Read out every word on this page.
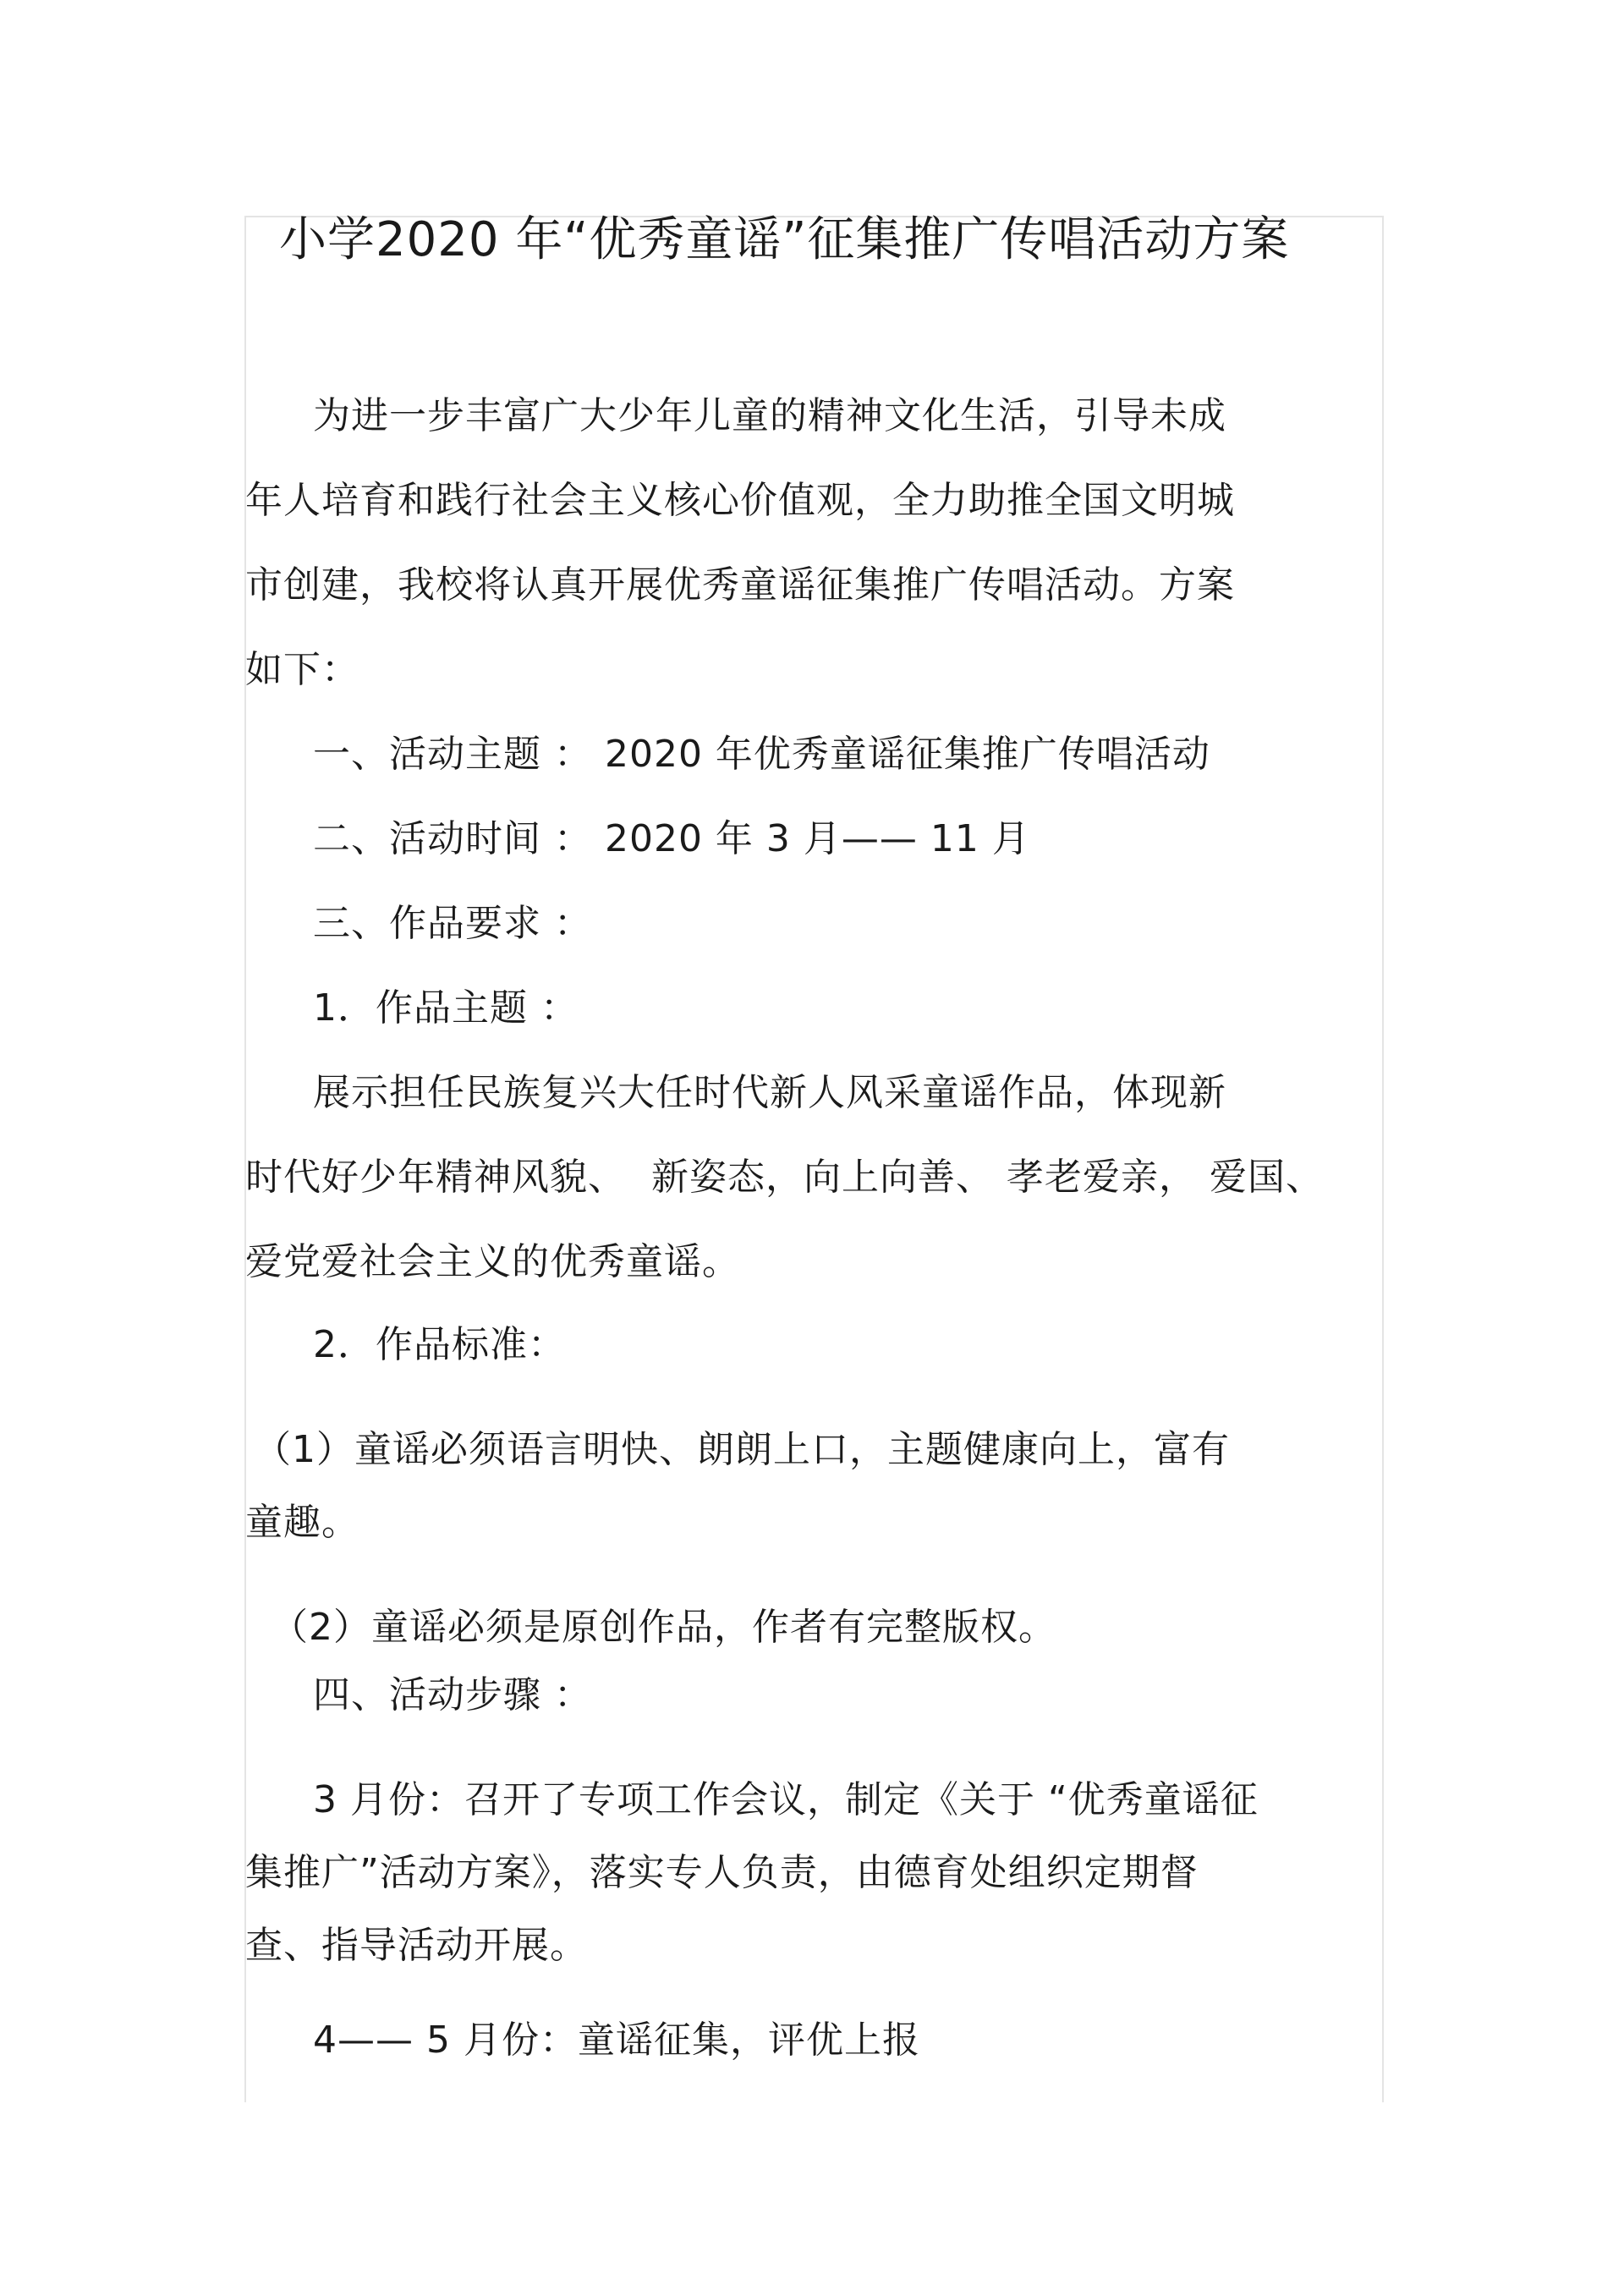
小学2020 年“优秀童谣”征集推广传唱活动方案
为进一步丰富广大少年儿童的精神文化生活，引导未成
年人培育和践行社会主义核心价值观，全力助推全国文明城
市创建，我校将认真开展优秀童谣征集推广传唱活动。方案
如下：
一、活动主题 ： 2020 年优秀童谣征集推广传唱活动
二、活动时间 ： 2020 年 3 月—— 11 月
三、作品要求 ：
1．作品主题 ：
展示担任民族复兴大任时代新人风采童谣作品，体现新
时代好少年精神风貌、  新姿态，向上向善、 孝老爱亲， 爱国、
爱党爱社会主义的优秀童谣。
2．作品标准：
（1）童谣必须语言明快、朗朗上口，主题健康向上，富有
童趣。
（2）童谣必须是原创作品，作者有完整版权。
四、活动步骤 ：
3 月份：召开了专项工作会议，制定《关于 “优秀童谣征
集推广”活动方案》，落实专人负责，由德育处组织定期督
查、指导活动开展。
4—— 5 月份：童谣征集，评优上报
